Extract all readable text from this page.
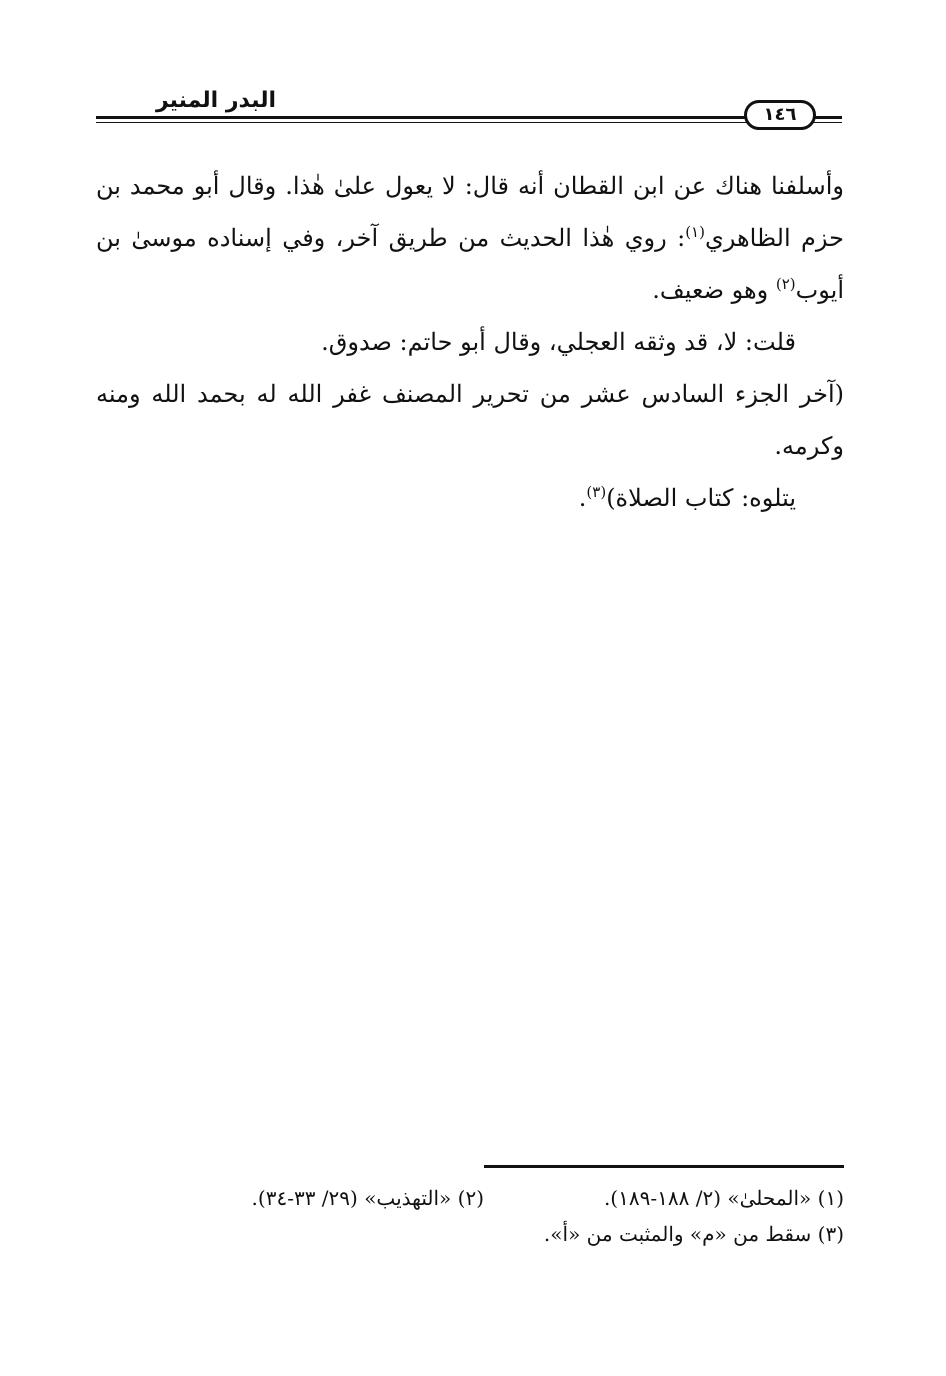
البدر المنير
١٤٦

وأسلفنا هناك عن ابن القطان أنه قال: لا يعول علىٰ هٰذا. وقال أبو محمد بن حزم الظاهري$^{(١)}$: روي هٰذا الحديث من طريق آخر، وفي إسناده موسىٰ بن أيوب$^{(٢)}$ وهو ضعيف.

قلت: لا، قد وثقه العجلي، وقال أبو حاتم: صدوق.

(آخر الجزء السادس عشر من تحرير المصنف غفر الله له بحمد الله ومنه وكرمه.

يتلوه: كتاب الصلاة)$^{(٣)}$.

(١) «المحلىٰ» (٢/ ١٨٨-١٨٩).
(٢) «التهذيب» (٢٩/ ٣٣-٣٤).
(٣) سقط من «م» والمثبت من «أ».
